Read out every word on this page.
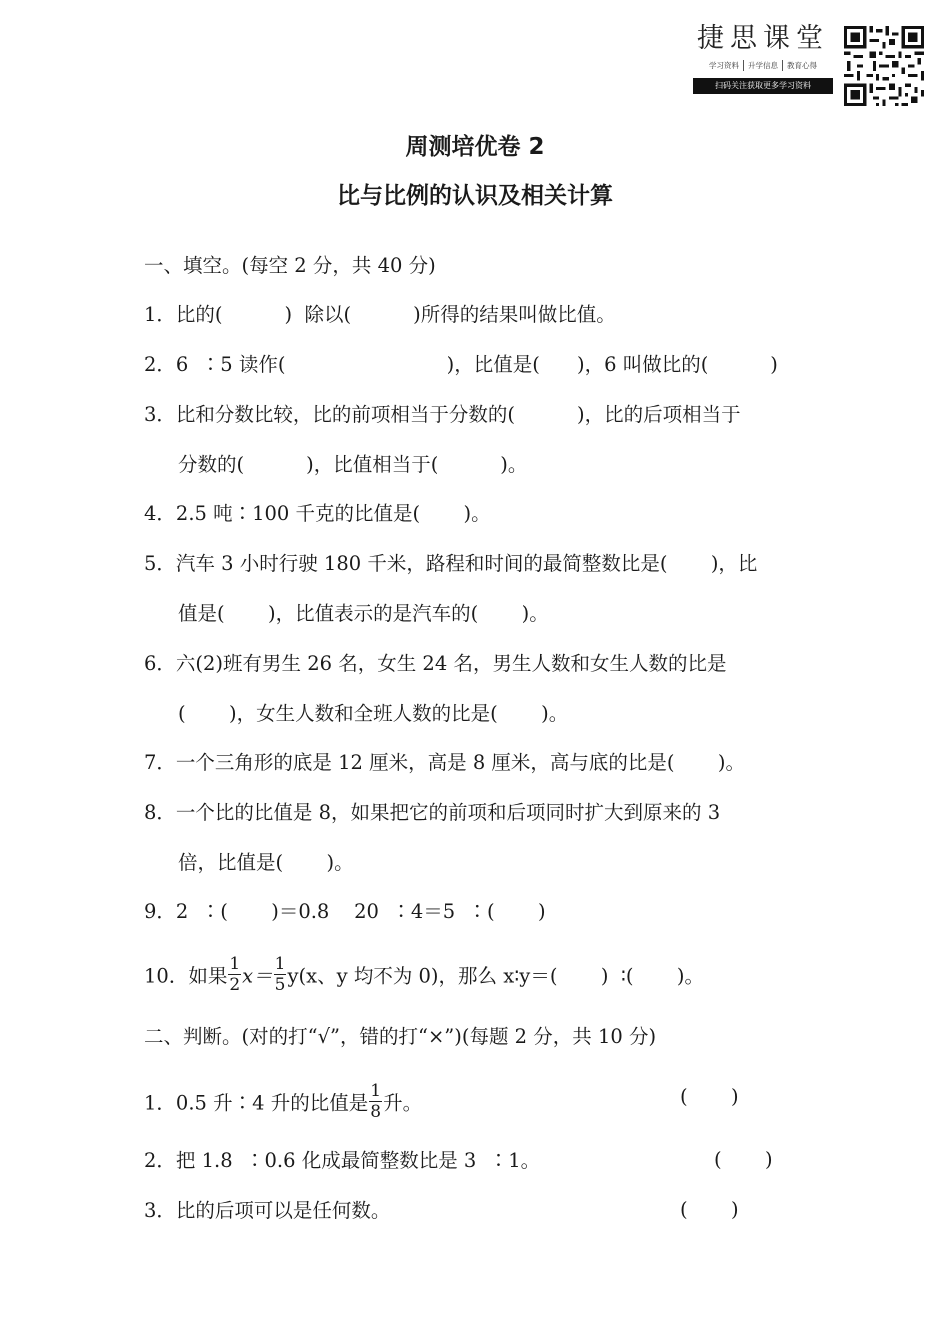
捷思课堂
学习资料	升学信息	教育心得
扫码关注获取更多学习资料
周测培优卷 2
比与比例的认识及相关计算
一、填空。(每空 2 分，共 40 分)
1．比的(          )  除以(          )所得的结果叫做比值。
2．6  ∶5 读作(                          )，比值是(      )，6 叫做比的(          )
3．比和分数比较，比的前项相当于分数的(          )，比的后项相当于
分数的(          )，比值相当于(          )。
4．2.5 吨∶100 千克的比值是(       )。
5．汽车 3 小时行驶 180 千米，路程和时间的最简整数比是(       )，比
值是(       )，比值表示的是汽车的(       )。
6．六(2)班有男生 26 名，女生 24 名，男生人数和女生人数的比是
(       )，女生人数和全班人数的比是(       )。
7．一个三角形的底是 12 厘米，高是 8 厘米，高与底的比是(       )。
8．一个比的比值是 8，如果把它的前项和后项同时扩大到原来的 3
倍，比值是(       )。
9．2  ∶(       )＝0.8    20  ∶4＝5  ∶(       )
10．如果 $\frac{1}{2} x= \frac{1}{5} y(x$、y 均不为 0)，那么 x∶y＝(       )  ∶(       )。
二、判断。(对的打“√”，错的打“×”)(每题 2 分，共 10 分)
1．0.5 升∶4 升的比值是 $\frac{1}{8}$ 升。	(       )
2．把 1.8  ∶0.6 化成最简整数比是 3  ∶1。	(       )
3．比的后项可以是任何数。	(       )
